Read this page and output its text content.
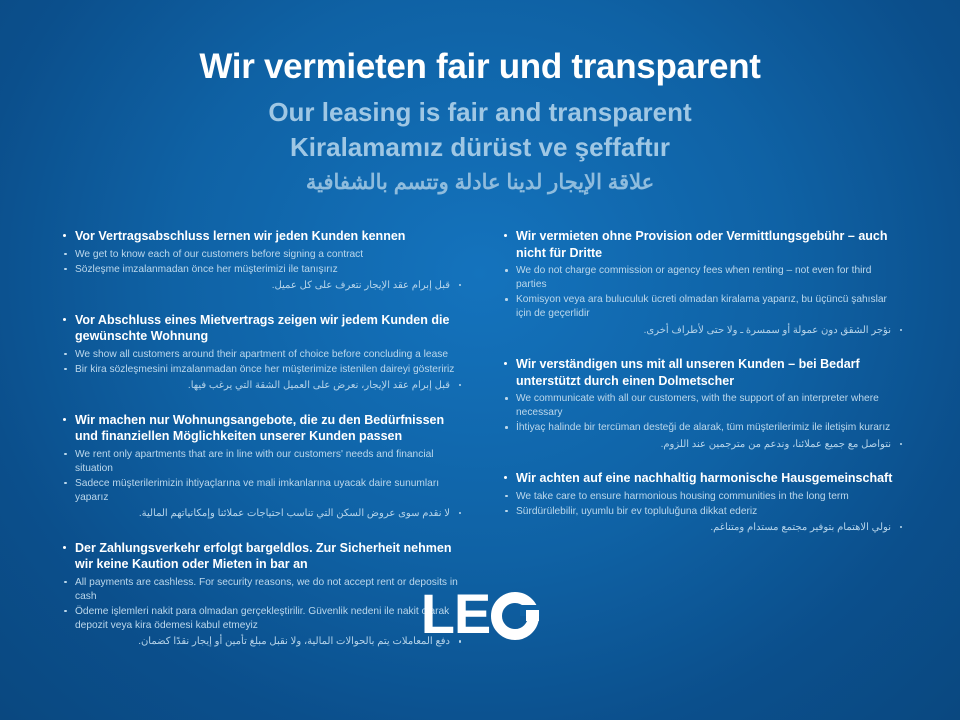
Wir vermieten fair und transparent
Our leasing is fair and transparent
Kiralamamız dürüst ve şeffaftır
علاقة الإيجار لدينا عادلة وتتسم بالشفافية
Vor Vertragsabschluss lernen wir jeden Kunden kennen
We get to know each of our customers before signing a contract
Sözleşme imzalanmadan önce her müşterimizi ile tanışırız
قبل إبرام عقد الإيجار نتعرف على كل عميل.
Vor Abschluss eines Mietvertrags zeigen wir jedem Kunden die gewünschte Wohnung
We show all customers around their apartment of choice before concluding a lease
Bir kira sözleşmesini imzalanmadan önce her müşterimize istenilen daireyi gösteririz
قبل إبرام عقد الإيجار، نعرض على العميل الشقة التي يرغب فيها.
Wir machen nur Wohnungsangebote, die zu den Bedürfnissen und finanziellen Möglichkeiten unserer Kunden passen
We rent only apartments that are in line with our customers' needs and financial situation
Sadece müşterilerimizin ihtiyaçlarına ve mali imkanlarına uyacak daire sunumları yaparız
لا نقدم سوى عروض السكن التي تناسب احتياجات عملائنا وإمكانياتهم المالية.
Der Zahlungsverkehr erfolgt bargeldlos. Zur Sicherheit nehmen wir keine Kaution oder Mieten in bar an
All payments are cashless. For security reasons, we do not accept rent or deposits in cash
Ödeme işlemleri nakit para olmadan gerçekleştirilir. Güvenlik nedeni ile nakit olarak depozit veya kira ödemesi kabul etmeyiz
دفع المعاملات يتم بالحوالات المالية، ولا نقبل مبلغ تأمين أو إيجار نقدًا كضمان.
Wir vermieten ohne Provision oder Vermittlungsgebühr – auch nicht für Dritte
We do not charge commission or agency fees when renting – not even for third parties
Komisyon veya ara buluculuk ücreti olmadan kiralama yaparız, bu üçüncü şahıslar için de geçerlidir
نؤجر الشقق دون عمولة أو سمسرة ـ ولا حتى لأطراف أخرى.
Wir verständigen uns mit all unseren Kunden – bei Bedarf unterstützt durch einen Dolmetscher
We communicate with all our customers, with the support of an interpreter where necessary
İhtiyaç halinde bir tercüman desteği de alarak, tüm müşterilerimiz ile iletişim kurarız
نتواصل مع جميع عملائنا، وندعم من مترجمين عند اللزوم.
Wir achten auf eine nachhaltig harmonische Hausgemeinschaft
We take care to ensure harmonious housing communities in the long term
Sürdürülebilir, uyumlu bir ev topluluğuna dikkat ederiz
نولي الاهتمام بتوفير مجتمع مستدام ومتناغم.
LE
